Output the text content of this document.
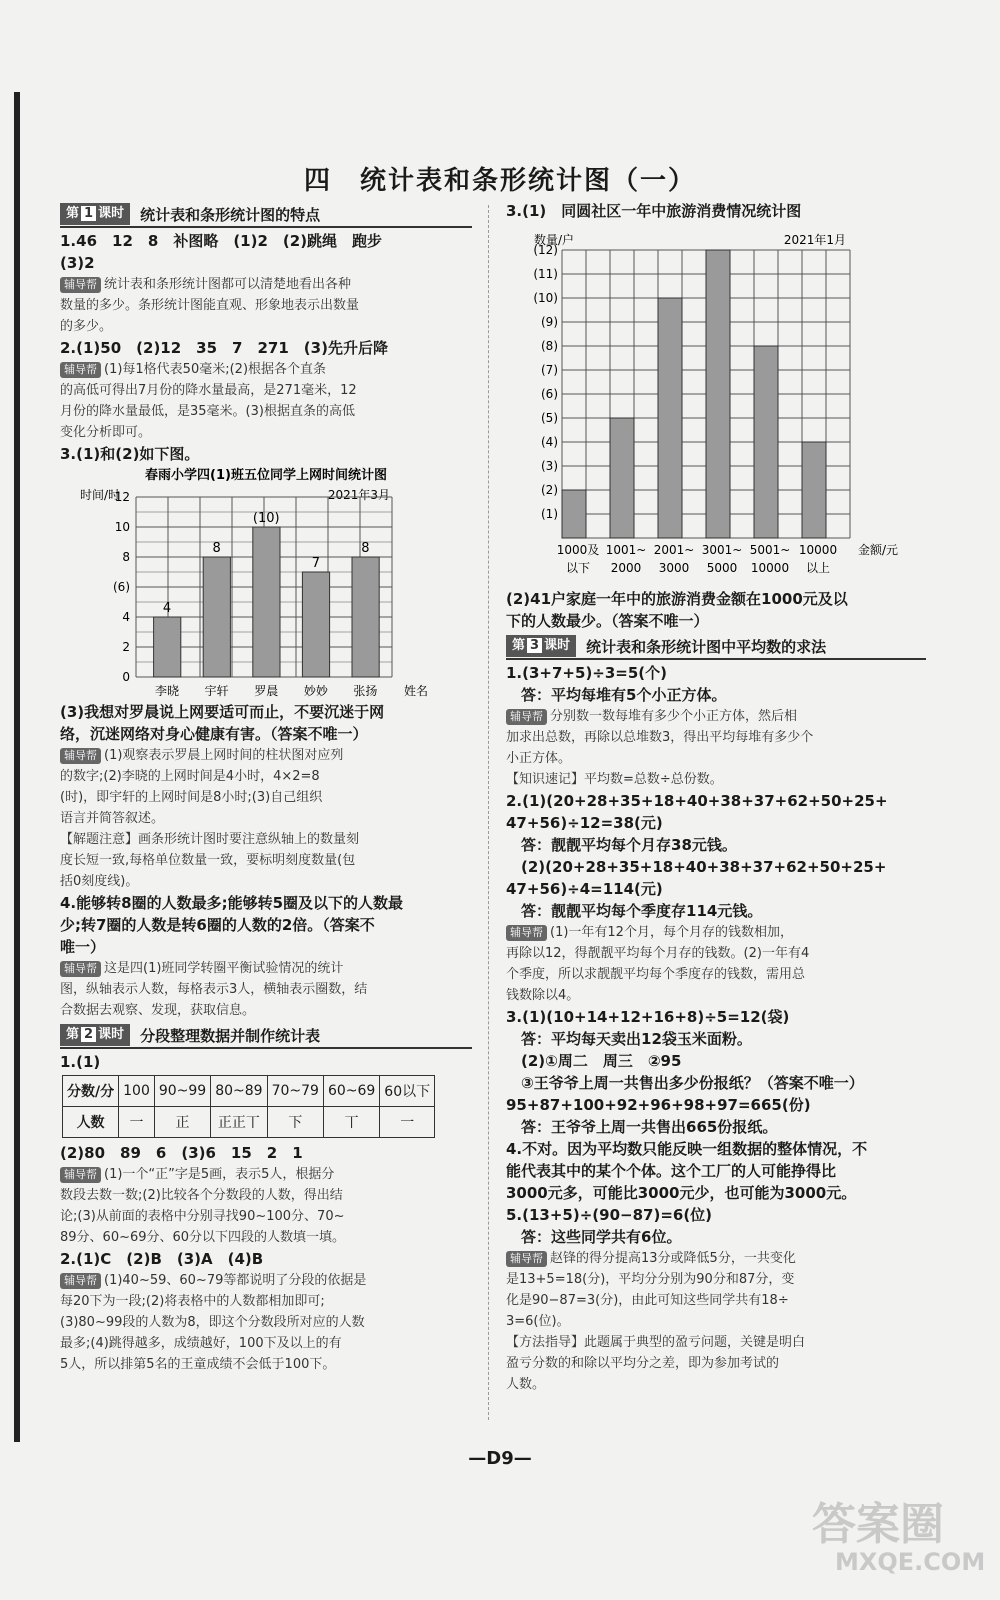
四　统计表和条形统计图（一）
第 1 课时	统计表和条形统计图的特点
1.46　12　8　补图略　(1)2　(2)跳绳　跑步
(3)2
辅导帮 统计表和条形统计图都可以清楚地看出各种
数量的多少。条形统计图能直观、形象地表示出数量
的多少。
2.(1)50　(2)12　35　7　271　(3)先升后降
辅导帮 (1)每1格代表50毫米;(2)根据各个直条
的高低可得出7月份的降水量最高，是271毫米，12
月份的降水量最低，是35毫米。(3)根据直条的高低
变化分析即可。
3.(1)和(2)如下图。
春雨小学四(1)班五位同学上网时间统计图
时间/时	2021年3月
0
2
4
(6)
8
10
12
4
李晓
8
宇轩
(10)
罗晨
7
妙妙
8
张扬 姓名
(3)我想对罗晨说上网要适可而止，不要沉迷于网
络，沉迷网络对身心健康有害。（答案不唯一）
辅导帮 (1)观察表示罗晨上网时间的柱状图对应列
的数字;(2)李晓的上网时间是4小时，4×2=8
(时)，即宇轩的上网时间是8小时;(3)自己组织
语言并简答叙述。
【解题注意】画条形统计图时要注意纵轴上的数量刻
度长短一致,每格单位数量一致，要标明刻度数量(包
括0刻度线)。
4.能够转8圈的人数最多;能够转5圈及以下的人数最
少;转7圈的人数是转6圈的人数的2倍。（答案不
唯一）
辅导帮 这是四(1)班同学转圈平衡试验情况的统计
图，纵轴表示人数，每格表示3人，横轴表示圈数，结
合数据去观察、发现，获取信息。
第 2 课时	分段整理数据并制作统计表
1.(1)
分数/分	100	90~99	80~89	70~79	60~69	60以下
人数	一	正	正正丅	下	丅	一
(2)80　89　6　(3)6　15　2　1
辅导帮 (1)一个“正”字是5画，表示5人，根据分
数段去数一数;(2)比较各个分数段的人数，得出结
论;(3)从前面的表格中分别寻找90~100分、70~
89分、60~69分、60分以下四段的人数填一填。
2.(1)C　(2)B　(3)A　(4)B
辅导帮 (1)40~59、60~79等都说明了分段的依据是
每20下为一段;(2)将表格中的人数都相加即可;
(3)80~99段的人数为8，即这个分数段所对应的人数
最多;(4)跳得越多，成绩越好，100下及以上的有
5人，所以排第5名的王童成绩不会低于100下。
3.(1)　同圆社区一年中旅游消费情况统计图
数量/户	2021年1月
(1)
(2)
(3)
(4)
(5)
(6)
(7)
(8)
(9)
(10)
(11)
(12)
1000及
以下
1001~
2000
2001~
3000
3001~
5000
5001~
10000
10000
以上
金额/元
(2)41户家庭一年中的旅游消费金额在1000元及以
下的人数最少。（答案不唯一）
第 3 课时	统计表和条形统计图中平均数的求法
1.(3+7+5)÷3=5(个)
　答：平均每堆有5个小正方体。
辅导帮 分别数一数每堆有多少个小正方体，然后相
加求出总数，再除以总堆数3，得出平均每堆有多少个
小正方体。
【知识速记】平均数=总数÷总份数。
2.(1)(20+28+35+18+40+38+37+62+50+25+
47+56)÷12=38(元)
　答：靓靓平均每个月存38元钱。
　(2)(20+28+35+18+40+38+37+62+50+25+
47+56)÷4=114(元)
　答：靓靓平均每个季度存114元钱。
辅导帮 (1)一年有12个月，每个月存的钱数相加，
再除以12，得靓靓平均每个月存的钱数。(2)一年有4
个季度，所以求靓靓平均每个季度存的钱数，需用总
钱数除以4。
3.(1)(10+14+12+16+8)÷5=12(袋)
　答：平均每天卖出12袋玉米面粉。
　(2)①周二　周三　②95
　③王爷爷上周一共售出多少份报纸？（答案不唯一）
95+87+100+92+96+98+97=665(份)
　答：王爷爷上周一共售出665份报纸。
4.不对。因为平均数只能反映一组数据的整体情况，不
能代表其中的某个个体。这个工厂的人可能挣得比
3000元多，可能比3000元少，也可能为3000元。
5.(13+5)÷(90−87)=6(位)
　答：这些同学共有6位。
辅导帮 赵锋的得分提高13分或降低5分，一共变化
是13+5=18(分)，平均分分别为90分和87分，变
化是90−87=3(分)，由此可知这些同学共有18÷
3=6(位)。
【方法指导】此题属于典型的盈亏问题，关键是明白
盈亏分数的和除以平均分之差，即为参加考试的
人数。
—D9—
答案圈
MXQE.COM
